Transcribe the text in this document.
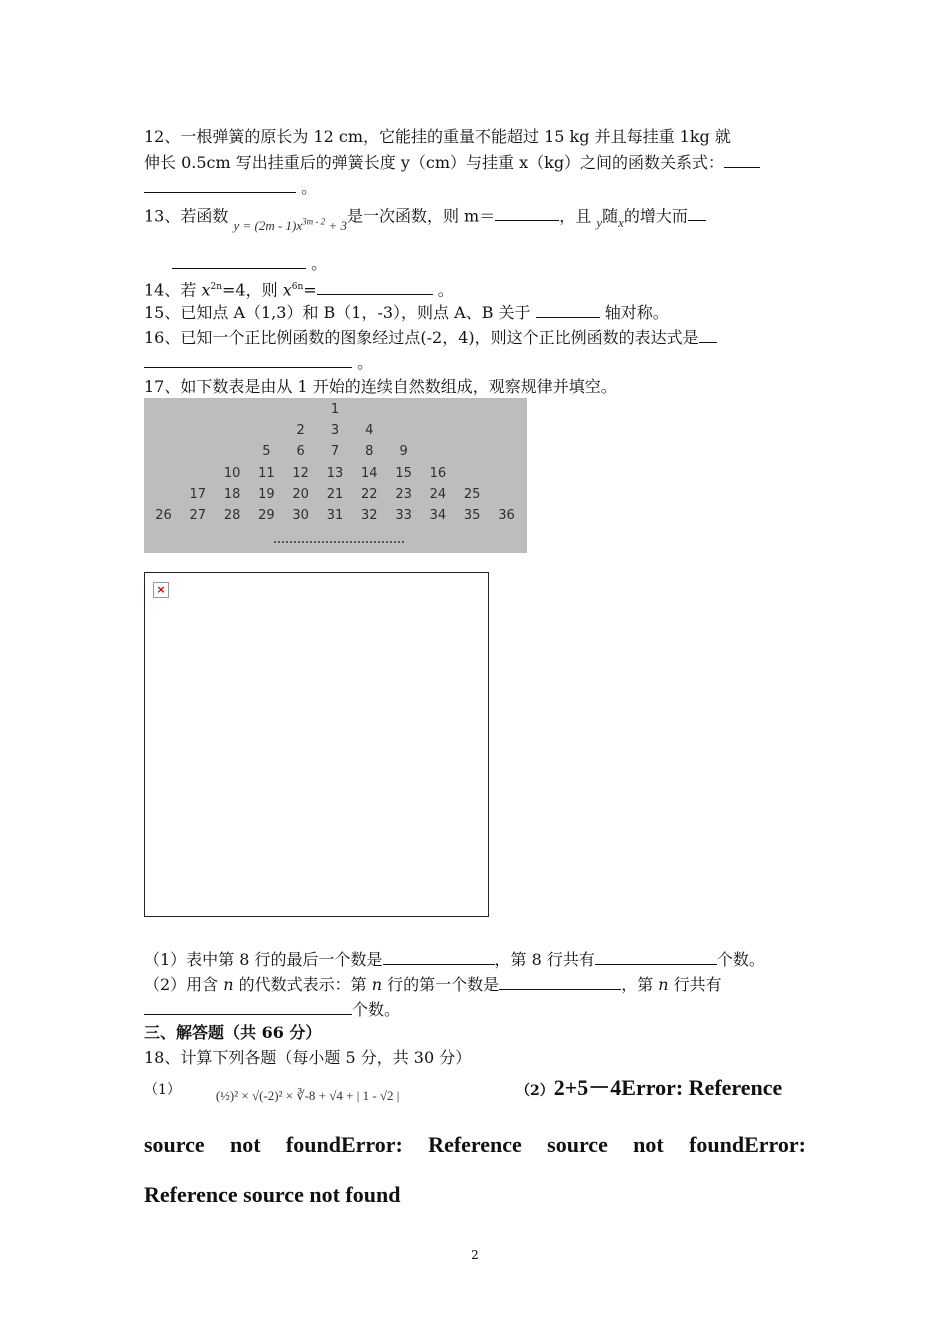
12、一根弹簧的原长为 12 cm，它能挂的重量不能超过 15 kg 并且每挂重 1kg 就
伸长 0.5cm 写出挂重后的弹簧长度 y（cm）与挂重 x（kg）之间的函数关系式：
。
13、若函数 $_{y = (2m - 1)x^{3m - 2} + 3}$是一次函数，则 m＝	，且 $_y$随$_x$的增大而
。
14、若 $x^{2n}=4$，则 $x^{6n}=$	。
15、已知点 A（1,3）和 B（1，-3），则点 A、B 关于	轴对称。
16、已知一个正比例函数的图象经过点(-2，4)，则这个正比例函数的表达式是
。
17、如下数表是由从 1 开始的连续自然数组成，观察规律并填空。
1
2	3	4
5	6	7	8	9
10	11	12	13	14	15	16
17	18	19	20	21	22	23	24	25
26	27	28	29	30	31	32	33	34	35	36
×
（1）表中第 8 行的最后一个数是	，第 8 行共有	个数。
（2）用含 n 的代数式表示：第 n 行的第一个数是	，第 n 行共有
个数。
三、解答题（共 66 分）
18、计算下列各题（每小题 5 分，共 30 分）
（1）	(½)² × √(-2)² × ∛-8 + √4 + | 1 - √2 |	（2）2+5－4Error: Reference
source not foundError: Reference source not foundError:
Reference source not found
2
